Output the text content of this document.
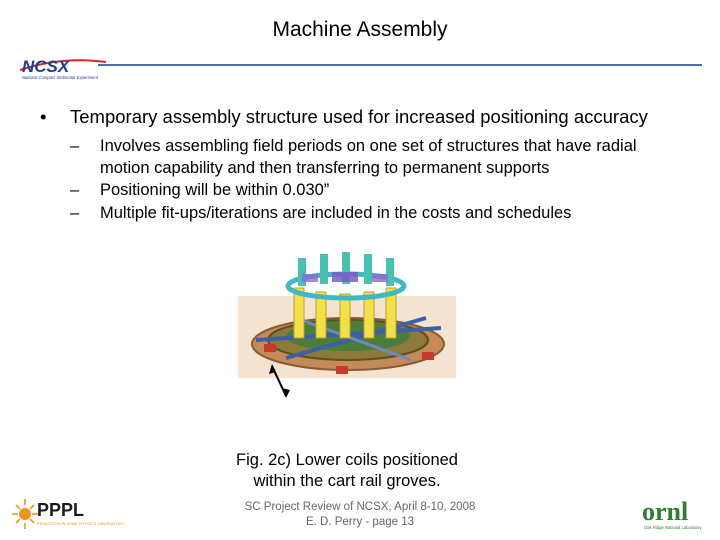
Machine Assembly
NCSX
National Compact Stellarator Experiment
• Temporary assembly structure used for increased positioning accuracy
– Involves assembling field periods on one set of structures that have radial motion capability and then transferring to permanent supports
– Positioning will be within 0.030”
– Multiple fit-ups/iterations are included in the costs and schedules
Fig. 2c) Lower coils positioned
within the cart rail groves.
SC Project Review of NCSX, April 8-10, 2008
E. D. Perry - page 13
PPPL
PRINCETON PLASMA PHYSICS LABORATORY	ornl
Oak Ridge National Laboratory
